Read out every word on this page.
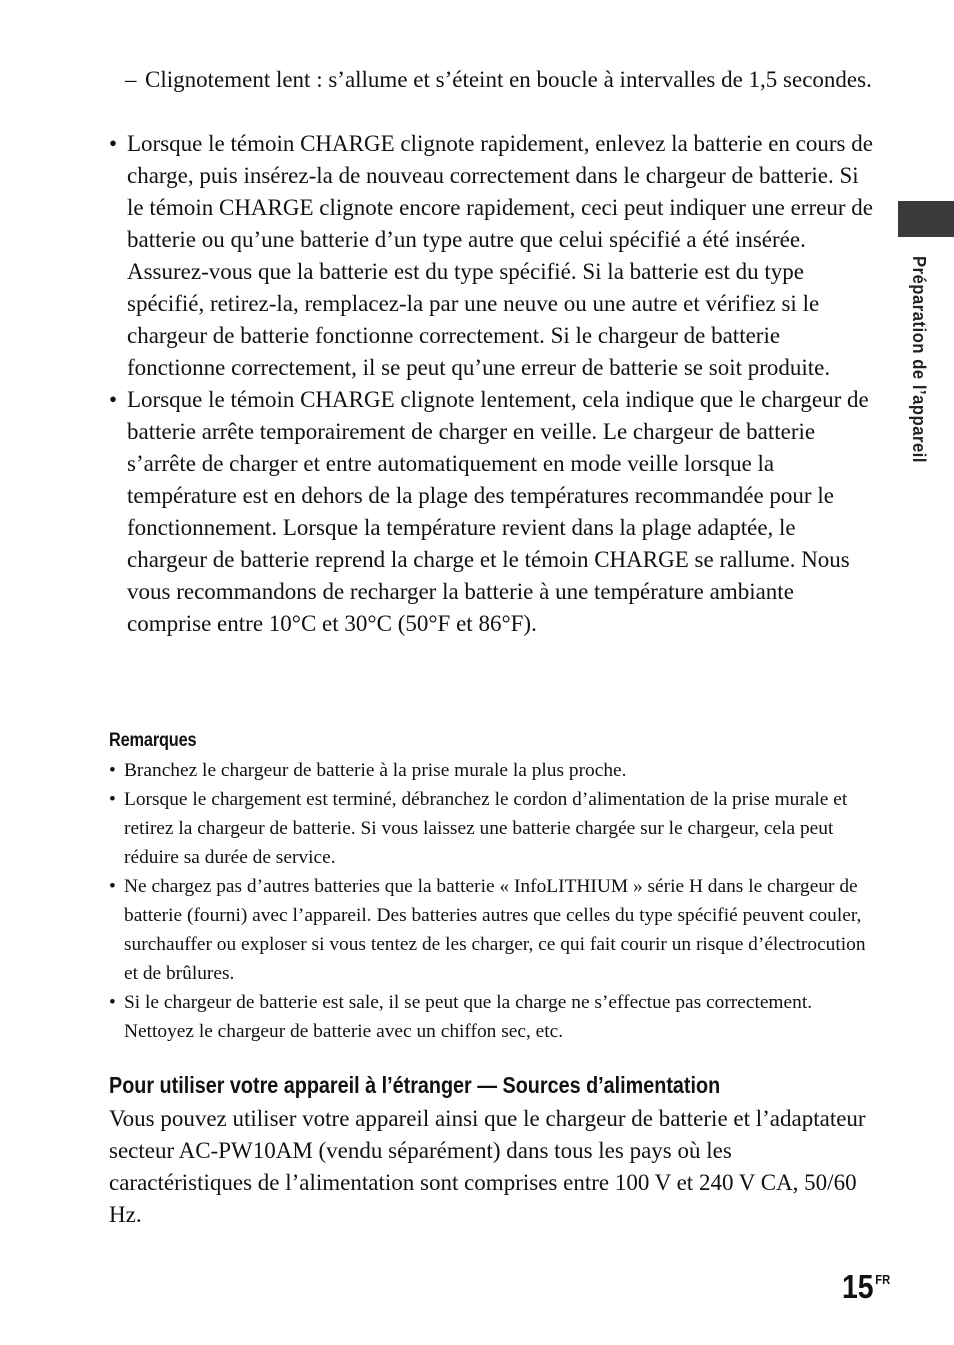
– Clignotement lent : s’allume et s’éteint en boucle à intervalles de 1,5 secondes.
• Lorsque le témoin CHARGE clignote rapidement, enlevez la batterie en cours de charge, puis insérez-la de nouveau correctement dans le chargeur de batterie. Si le témoin CHARGE clignote encore rapidement, ceci peut indiquer une erreur de batterie ou qu’une batterie d’un type autre que celui spécifié a été insérée. Assurez-vous que la batterie est du type spécifié. Si la batterie est du type spécifié, retirez-la, remplacez-la par une neuve ou une autre et vérifiez si le chargeur de batterie fonctionne correctement. Si le chargeur de batterie fonctionne correctement, il se peut qu’une erreur de batterie se soit produite.
• Lorsque le témoin CHARGE clignote lentement, cela indique que le chargeur de batterie arrête temporairement de charger en veille. Le chargeur de batterie s’arrête de charger et entre automatiquement en mode veille lorsque la température est en dehors de la plage des températures recommandée pour le fonctionnement. Lorsque la température revient dans la plage adaptée, le chargeur de batterie reprend la charge et le témoin CHARGE se rallume. Nous vous recommandons de recharger la batterie à une température ambiante comprise entre 10°C et 30°C (50°F et 86°F).
Remarques
• Branchez le chargeur de batterie à la prise murale la plus proche.
• Lorsque le chargement est terminé, débranchez le cordon d’alimentation de la prise murale et retirez la chargeur de batterie. Si vous laissez une batterie chargée sur le chargeur, cela peut réduire sa durée de service.
• Ne chargez pas d’autres batteries que la batterie « InfoLITHIUM » série H dans le chargeur de batterie (fourni) avec l’appareil. Des batteries autres que celles du type spécifié peuvent couler, surchauffer ou exploser si vous tentez de les charger, ce qui fait courir un risque d’électrocution et de brûlures.
• Si le chargeur de batterie est sale, il se peut que la charge ne s’effectue pas correctement. Nettoyez le chargeur de batterie avec un chiffon sec, etc.
Pour utiliser votre appareil à l’étranger — Sources d’alimentation

Vous pouvez utiliser votre appareil ainsi que le chargeur de batterie et l’adaptateur secteur AC-PW10AM (vendu séparément) dans tous les pays où les caractéristiques de l’alimentation sont comprises entre 100 V et 240 V CA, 50/60 Hz.

Préparation de l’appareil
15 $^{FR}$
